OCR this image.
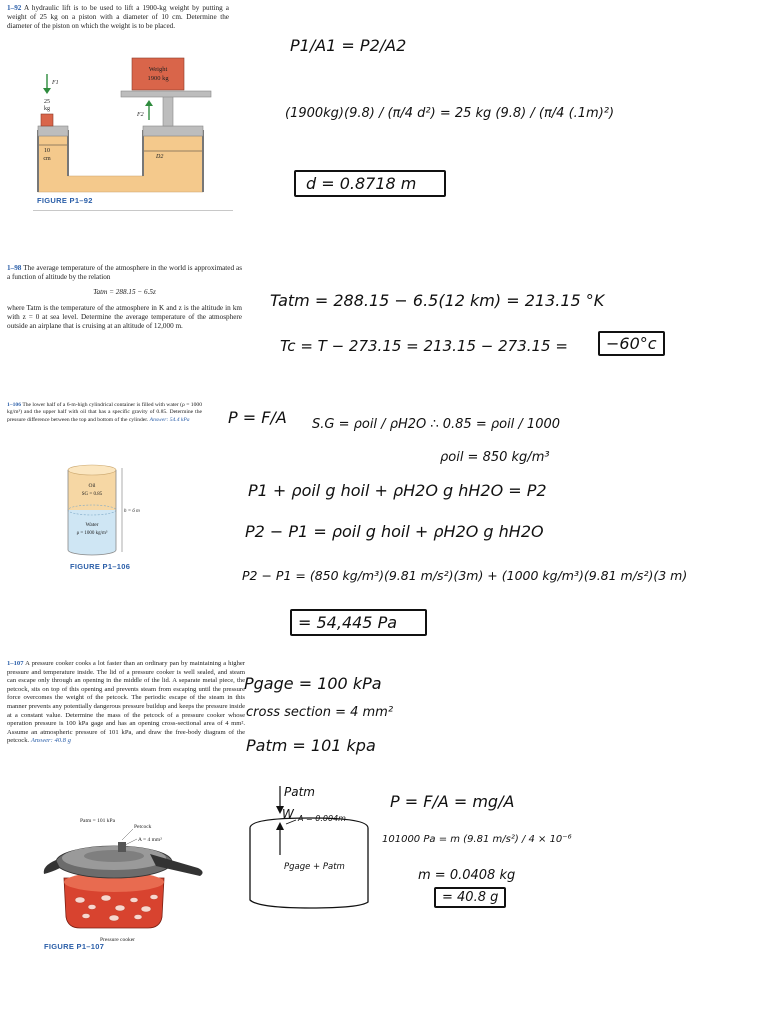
1–92 A hydraulic lift is to be used to lift a 1900-kg weight by putting a weight of 25 kg on a piston with a diameter of 10 cm. Determine the diameter of the piston on which the weight is to be placed.
Weight
1900 kg
F1
25
kg
F2
10
cm	D2
FIGURE P1–92
P1/A1 = P2/A2
(1900kg)(9.8) / (π/4 d²) = 25 kg (9.8) / (π/4 (.1m)²)
d = 0.8718 m
1–98 The average temperature of the atmosphere in the world is approximated as a function of altitude by the relation
Tatm = 288.15 − 6.5z
where Tatm is the temperature of the atmosphere in K and z is the altitude in km with z = 0 at sea level. Determine the average temperature of the atmosphere outside an airplane that is cruising at an altitude of 12,000 m.
Tatm = 288.15 − 6.5(12 km) = 213.15 °K
Tc = T − 273.15 = 213.15 − 273.15 =	−60°c
1–106 The lower half of a 6-m-high cylindrical container is filled with water (ρ = 1000 kg/m³) and the upper half with oil that has a specific gravity of 0.85. Determine the pressure difference between the top and bottom of the cylinder. Answer: 54.4 kPa
Oil
SG = 0.85
Water
ρ = 1000 kg/m³
h = 6 m
FIGURE P1–106
P = F/A S.G = ρoil / ρH2O ∴ 0.85 = ρoil / 1000
ρoil = 850 kg/m³
P1 + ρoil g hoil + ρH2O g hH2O = P2
P2 − P1 = ρoil g hoil + ρH2O g hH2O
P2 − P1 = (850 kg/m³)(9.81 m/s²)(3m) + (1000 kg/m³)(9.81 m/s²)(3 m)
= 54,445 Pa
1–107 A pressure cooker cooks a lot faster than an ordinary pan by maintaining a higher pressure and temperature inside. The lid of a pressure cooker is well sealed, and steam can escape only through an opening in the middle of the lid. A separate metal piece, the petcock, sits on top of this opening and prevents steam from escaping until the pressure force overcomes the weight of the petcock. The periodic escape of the steam in this manner prevents any potentially dangerous pressure buildup and keeps the pressure inside at a constant value. Determine the mass of the petcock of a pressure cooker whose operation pressure is 100 kPa gage and has an opening cross-sectional area of 4 mm². Assume an atmospheric pressure of 101 kPa, and draw the free-body diagram of the petcock. Answer: 40.8 g
Patm = 101 kPa
Petcock
A = 4 mm²
Pressure cooker
FIGURE P1–107
Pgage = 100 kPa
cross section = 4 mm²
Patm = 101 kpa
Patm
W A = 0.004m
Pgage + Patm
P = F/A = mg/A
101000 Pa = m (9.81 m/s²) / 4 × 10⁻⁶
m = 0.0408 kg
= 40.8 g
